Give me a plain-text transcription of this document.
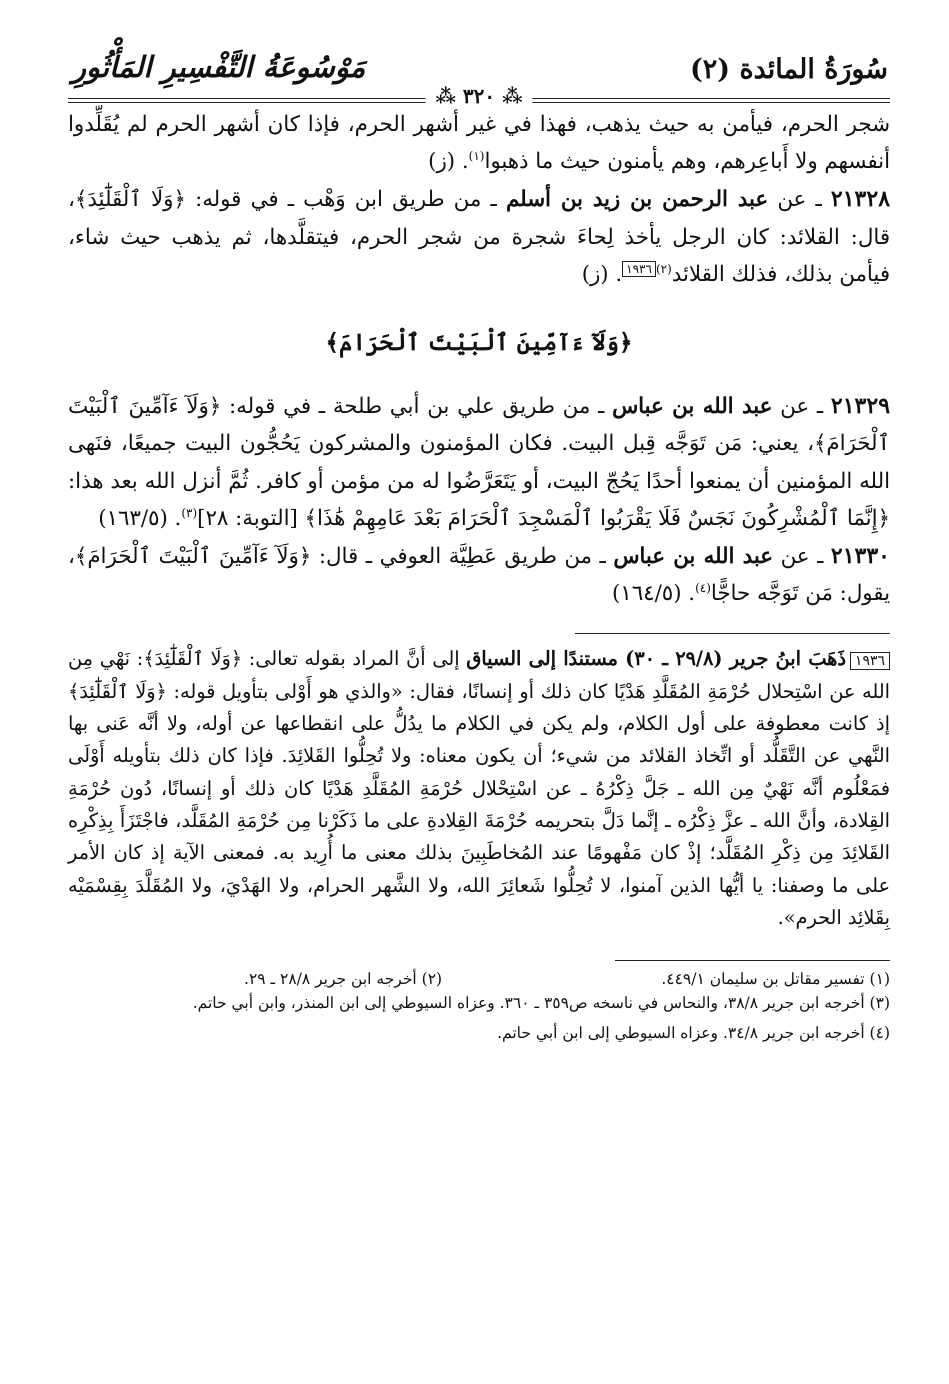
سُورَةُ المائدة (٢)
مَوْسُوعَةُ التَّفْسِيرِ المَأْثُورِ
⁂ ٣٢٠ ⁂

شجر الحرم، فيأمن به حيث يذهب، فهذا في غير أشهر الحرم، فإذا كان أشهر الحرم لم يُقَلِّدوا أنفسهم ولا أَباعِرهم، وهم يأمنون حيث ما ذهبوا$^{(١)}$. (ز)

٢١٣٢٨ ـ عن عبد الرحمن بن زيد بن أسلم ـ من طريق ابن وَهْب ـ في قوله: ﴿وَلَا ٱلْقَلَٰٓئِدَ﴾، قال: القلائد: كان الرجل يأخذ لِحاءَ شجرة من شجر الحرم، فيتقلَّدها، ثم يذهب حيث شاء، فيأمن بذلك، فذلك القلائد$^{(٢)}$١٩٣٦. (ز)

﴿وَلَآ ءَآمِّينَ ٱلْبَيْتَ ٱلْحَرَامَ﴾

٢١٣٢٩ ـ عن عبد الله بن عباس ـ من طريق علي بن أبي طلحة ـ في قوله: ﴿وَلَآ ءَآمِّينَ ٱلْبَيْتَ ٱلْحَرَامَ﴾، يعني: مَن تَوَجَّه قِبل البيت. فكان المؤمنون والمشركون يَحُجُّون البيت جميعًا، فنَهى الله المؤمنين أن يمنعوا أحدًا يَحُجّ البيت، أو يَتَعَرَّضُوا له من مؤمن أو كافر. ثُمَّ أنزل الله بعد هذا: ﴿إِنَّمَا ٱلْمُشْرِكُونَ نَجَسٌ فَلَا يَقْرَبُوا ٱلْمَسْجِدَ ٱلْحَرَامَ بَعْدَ عَامِهِمْ هَٰذَا﴾ [التوبة: ٢٨]$^{(٣)}$. (١٦٣/٥)

٢١٣٣٠ ـ عن عبد الله بن عباس ـ من طريق عَطِيَّة العوفي ـ قال: ﴿وَلَآ ءَآمِّينَ ٱلْبَيْتَ ٱلْحَرَامَ﴾، يقول: مَن تَوَجَّه حاجًّا$^{(٤)}$. (١٦٤/٥)

١٩٣٦ذَهَبَ ابنُ جرير (٢٩/٨ ـ ٣٠) مستندًا إلى السياق إلى أنَّ المراد بقوله تعالى: ﴿وَلَا ٱلْقَلَٰٓئِدَ﴾: نَهْي مِن الله عن اسْتِحلال حُرْمَةِ المُقَلَّدِ هَدْيًا كان ذلك أو إنسانًا، فقال: «والذي هو أَوْلى بتأويل قوله: ﴿وَلَا ٱلْقَلَٰٓئِدَ﴾ إذ كانت معطوفة على أول الكلام، ولم يكن في الكلام ما يدُلُّ على انقطاعها عن أوله، ولا أنَّه عَنى بها النَّهي عن التَّقَلُّد أو اتِّخاذ القلائد من شيء؛ أن يكون معناه: ولا تُحِلُّوا القَلائِدَ. فإذا كان ذلك بتأويله أَوْلَى فمَعْلُوم أنَّه نَهْيٌ مِن الله ـ جَلَّ ذِكْرُهُ ـ عن اسْتِحْلال حُرْمَةِ المُقَلَّدِ هَدْيًا كان ذلك أو إنسانًا، دُون حُرْمَةِ القِلادة، وأنَّ الله ـ عزَّ ذِكْرُه ـ إنَّما دَلَّ بتحريمه حُرْمَةَ القِلادةِ على ما ذَكَرْنا مِن حُرْمَةِ المُقَلَّد، فاجْتَزَأَ بِذِكْرِه القَلائِدَ مِن ذِكْرِ المُقَلَّد؛ إذْ كان مَفْهومًا عند المُخاطَبِينَ بذلك معنى ما أُرِيد به. فمعنى الآية إذ كان الأمر على ما وصفنا: يا أيُّها الذين آمنوا، لا تُحِلُّوا شَعائِرَ الله، ولا الشَّهر الحرام، ولا الهَدْيَ، ولا المُقَلَّدَ بِقِسْمَيْه بِقَلائِد الحرم».

(١) تفسير مقاتل بن سليمان ٤٤٩/١.
(٢) أخرجه ابن جرير ٢٨/٨ ـ ٢٩.

(٣) أخرجه ابن جرير ٣٨/٨، والنحاس في ناسخه ص٣٥٩ ـ ٣٦٠. وعزاه السيوطي إلى ابن المنذر، وابن أبي حاتم.

(٤) أخرجه ابن جرير ٣٤/٨. وعزاه السيوطي إلى ابن أبي حاتم.
